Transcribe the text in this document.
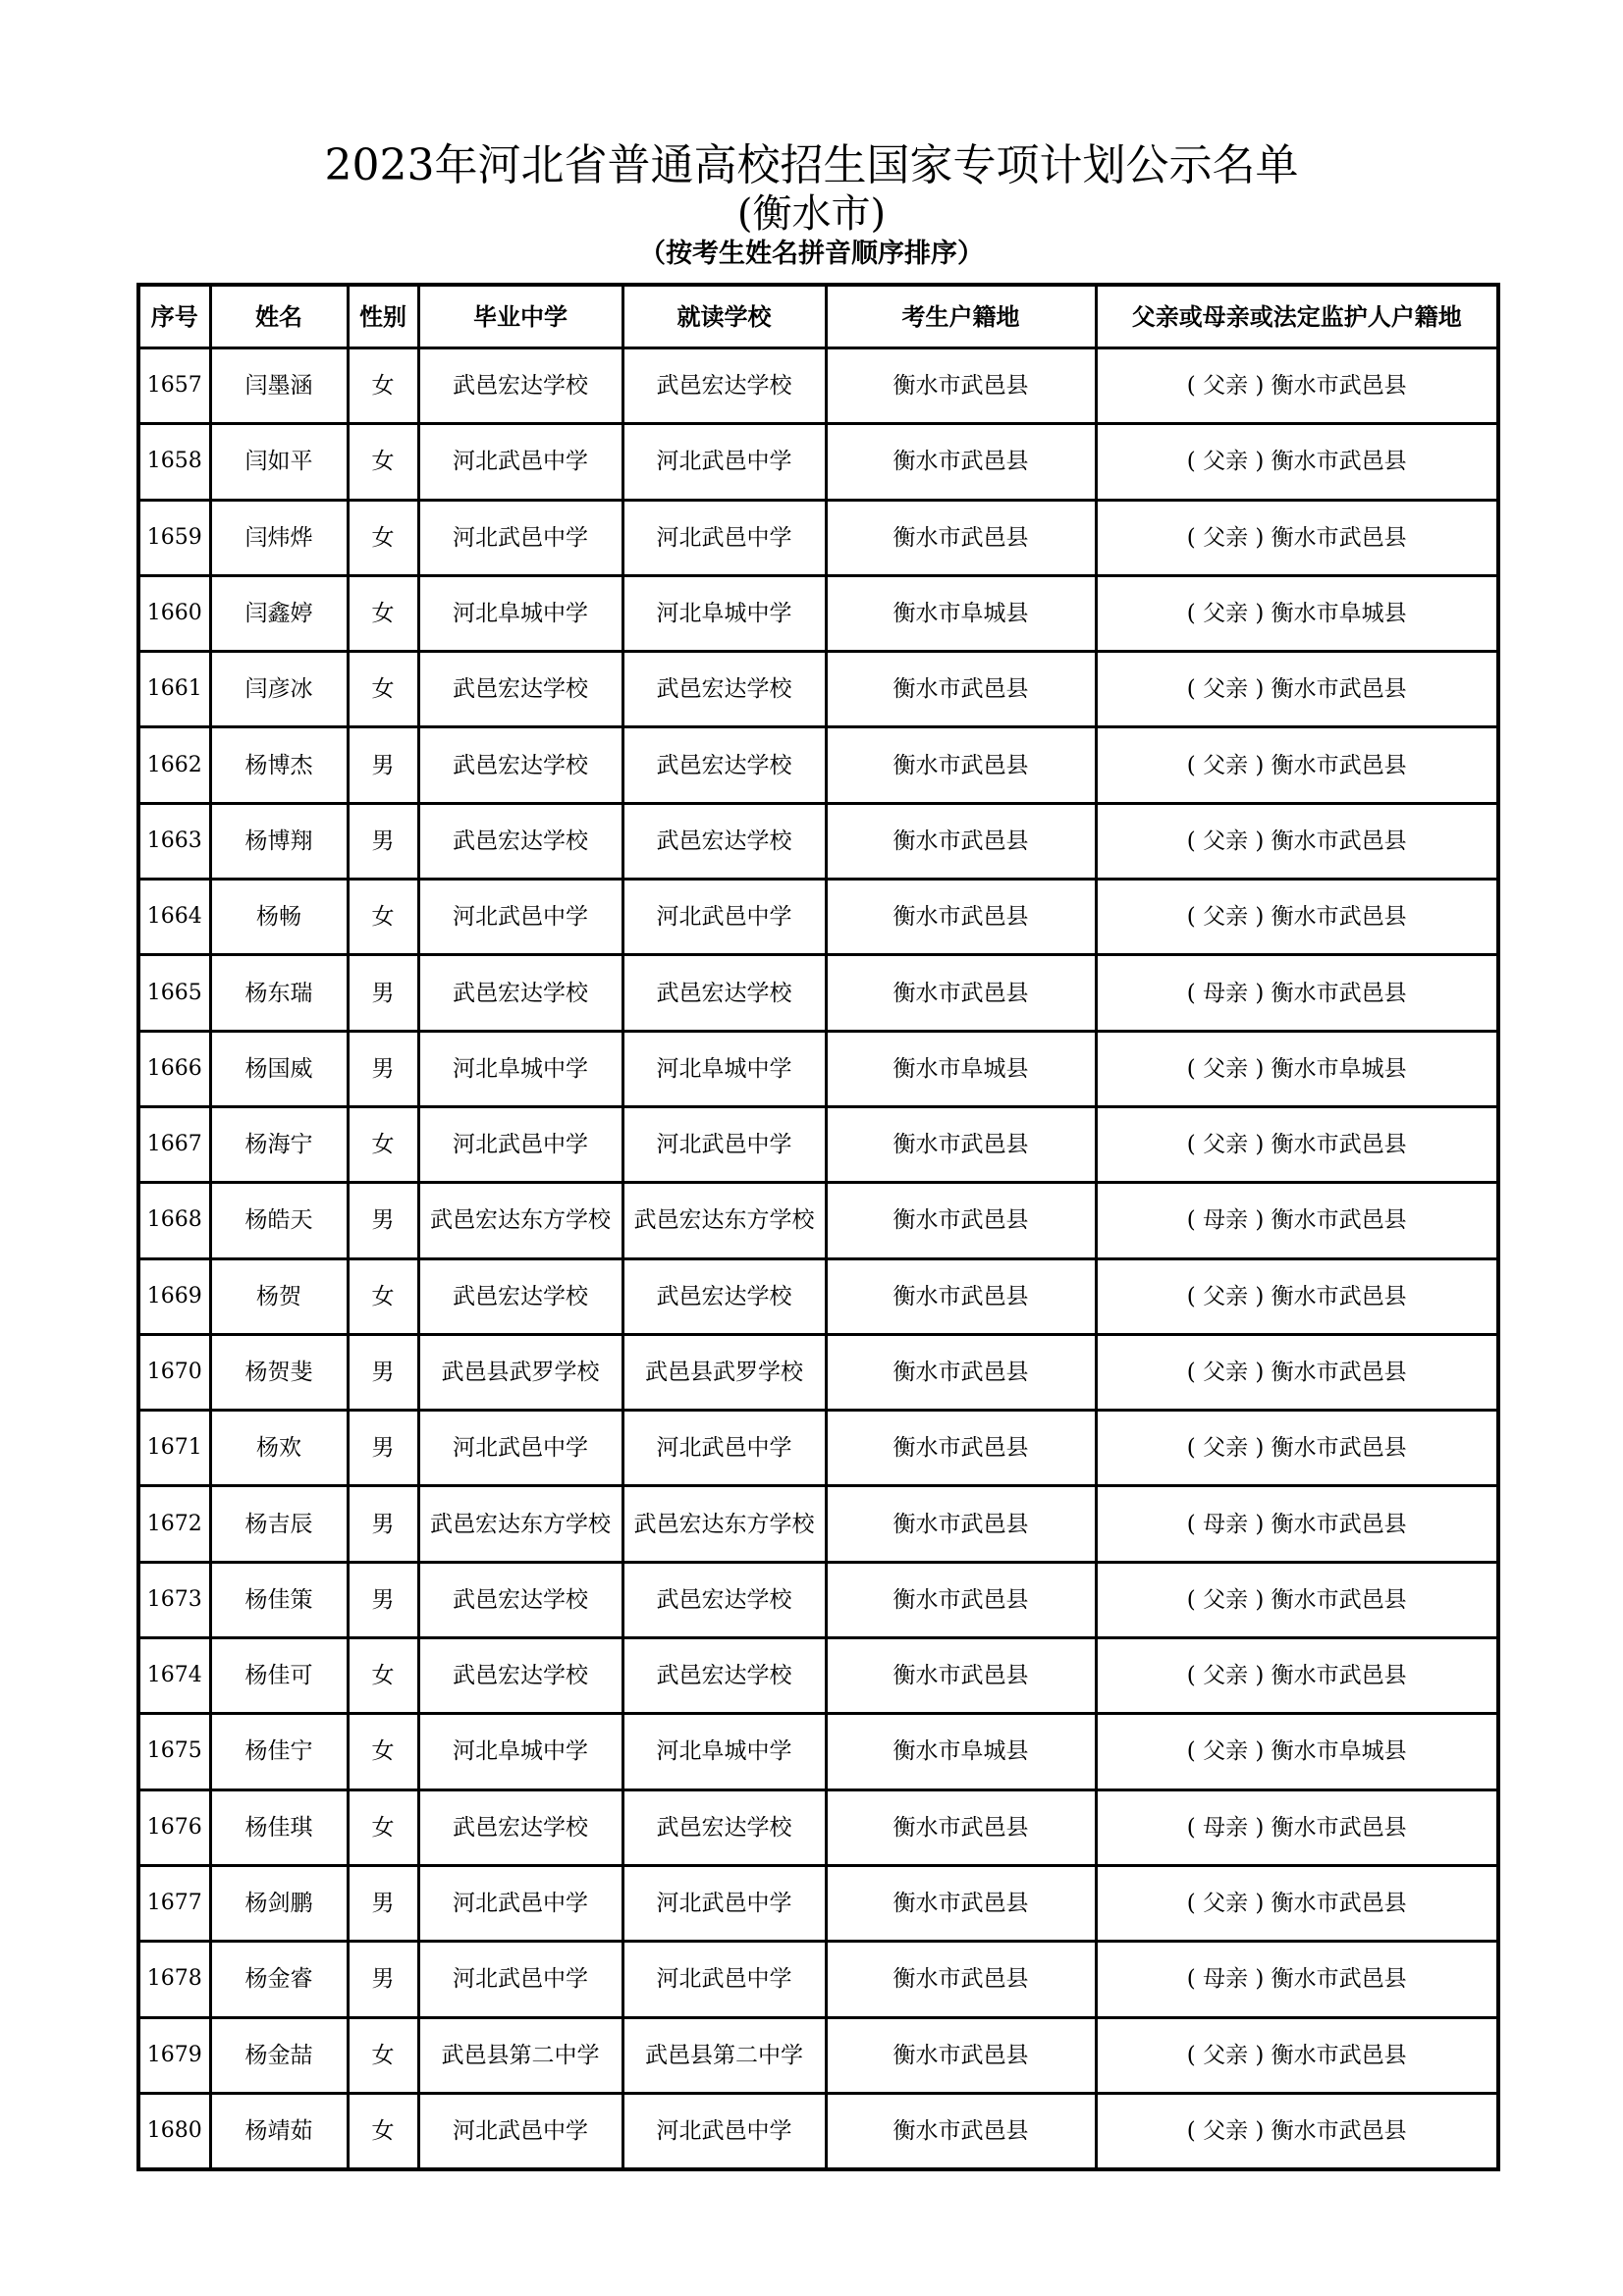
2023年河北省普通高校招生国家专项计划公示名单
(衡水市)
（按考生姓名拼音顺序排序）
序号	姓名	性别	毕业中学	就读学校	考生户籍地	父亲或母亲或法定监护人户籍地
1657	闫墨涵	女	武邑宏达学校	武邑宏达学校	衡水市武邑县	( 父亲 ) 衡水市武邑县
1658	闫如平	女	河北武邑中学	河北武邑中学	衡水市武邑县	( 父亲 ) 衡水市武邑县
1659	闫炜烨	女	河北武邑中学	河北武邑中学	衡水市武邑县	( 父亲 ) 衡水市武邑县
1660	闫鑫婷	女	河北阜城中学	河北阜城中学	衡水市阜城县	( 父亲 ) 衡水市阜城县
1661	闫彦冰	女	武邑宏达学校	武邑宏达学校	衡水市武邑县	( 父亲 ) 衡水市武邑县
1662	杨博杰	男	武邑宏达学校	武邑宏达学校	衡水市武邑县	( 父亲 ) 衡水市武邑县
1663	杨博翔	男	武邑宏达学校	武邑宏达学校	衡水市武邑县	( 父亲 ) 衡水市武邑县
1664	杨畅	女	河北武邑中学	河北武邑中学	衡水市武邑县	( 父亲 ) 衡水市武邑县
1665	杨东瑞	男	武邑宏达学校	武邑宏达学校	衡水市武邑县	( 母亲 ) 衡水市武邑县
1666	杨国威	男	河北阜城中学	河北阜城中学	衡水市阜城县	( 父亲 ) 衡水市阜城县
1667	杨海宁	女	河北武邑中学	河北武邑中学	衡水市武邑县	( 父亲 ) 衡水市武邑县
1668	杨皓天	男	武邑宏达东方学校	武邑宏达东方学校	衡水市武邑县	( 母亲 ) 衡水市武邑县
1669	杨贺	女	武邑宏达学校	武邑宏达学校	衡水市武邑县	( 父亲 ) 衡水市武邑县
1670	杨贺斐	男	武邑县武罗学校	武邑县武罗学校	衡水市武邑县	( 父亲 ) 衡水市武邑县
1671	杨欢	男	河北武邑中学	河北武邑中学	衡水市武邑县	( 父亲 ) 衡水市武邑县
1672	杨吉辰	男	武邑宏达东方学校	武邑宏达东方学校	衡水市武邑县	( 母亲 ) 衡水市武邑县
1673	杨佳策	男	武邑宏达学校	武邑宏达学校	衡水市武邑县	( 父亲 ) 衡水市武邑县
1674	杨佳可	女	武邑宏达学校	武邑宏达学校	衡水市武邑县	( 父亲 ) 衡水市武邑县
1675	杨佳宁	女	河北阜城中学	河北阜城中学	衡水市阜城县	( 父亲 ) 衡水市阜城县
1676	杨佳琪	女	武邑宏达学校	武邑宏达学校	衡水市武邑县	( 母亲 ) 衡水市武邑县
1677	杨剑鹏	男	河北武邑中学	河北武邑中学	衡水市武邑县	( 父亲 ) 衡水市武邑县
1678	杨金睿	男	河北武邑中学	河北武邑中学	衡水市武邑县	( 母亲 ) 衡水市武邑县
1679	杨金喆	女	武邑县第二中学	武邑县第二中学	衡水市武邑县	( 父亲 ) 衡水市武邑县
1680	杨靖茹	女	河北武邑中学	河北武邑中学	衡水市武邑县	( 父亲 ) 衡水市武邑县
